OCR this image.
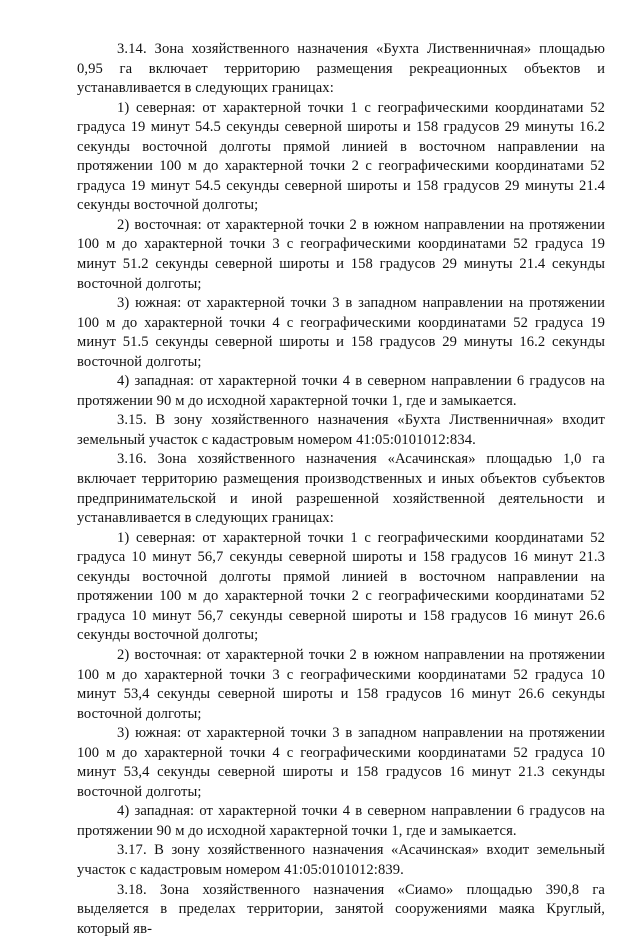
3.14. Зона хозяйственного назначения «Бухта Лиственничная» площадью 0,95 га включает территорию размещения рекреационных объектов и устанавливается в следующих границах:

1) северная: от характерной точки 1 с географическими координатами 52 градуса 19 минут 54.5 секунды северной широты и 158 градусов 29 минуты 16.2 секунды восточной долготы прямой линией в восточном направлении на протяжении 100 м до характерной точки 2 с географическими координатами 52 градуса 19 минут 54.5 секунды северной широты и 158 градусов 29 минуты 21.4 секунды восточной долготы;

2) восточная: от характерной точки 2 в южном направлении на протяжении 100 м до характерной точки 3 с географическими координатами 52 градуса 19 минут 51.2 секунды северной широты и 158 градусов 29 минуты 21.4 секунды восточной долготы;

3) южная: от характерной точки 3 в западном направлении на протяжении 100 м до характерной точки 4 с географическими координатами 52 градуса 19 минут 51.5 секунды северной широты и 158 градусов 29 минуты 16.2 секунды восточной долготы;

4) западная: от характерной точки 4 в северном направлении 6 градусов на протяжении 90 м до исходной характерной точки 1, где и замыкается.

3.15. В зону хозяйственного назначения «Бухта Лиственничная» входит земельный участок с кадастровым номером 41:05:0101012:834.

3.16. Зона хозяйственного назначения «Асачинская» площадью 1,0 га включает территорию размещения производственных и иных объектов субъектов предпринимательской и иной разрешенной хозяйственной деятельности и устанавливается в следующих границах:

1) северная: от характерной точки 1 с географическими координатами 52 градуса 10 минут 56,7 секунды северной широты и 158 градусов 16 минут 21.3 секунды восточной долготы прямой линией в восточном направлении на протяжении 100 м до характерной точки 2 с географическими координатами 52 градуса 10 минут 56,7 секунды северной широты и 158 градусов 16 минут 26.6 секунды восточной долготы;

2) восточная: от характерной точки 2 в южном направлении на протяжении 100 м до характерной точки 3 с географическими координатами 52 градуса 10 минут 53,4 секунды северной широты и 158 градусов 16 минут 26.6 секунды восточной долготы;

3) южная: от характерной точки 3 в западном направлении на протяжении 100 м до характерной точки 4 с географическими координатами 52 градуса 10 минут 53,4 секунды северной широты и 158 градусов 16 минут 21.3 секунды восточной долготы;

4) западная: от характерной точки 4 в северном направлении 6 градусов на протяжении 90 м до исходной характерной точки 1, где и замыкается.

3.17. В зону хозяйственного назначения «Асачинская» входит земельный участок с кадастровым номером 41:05:0101012:839.

3.18. Зона хозяйственного назначения «Сиамо» площадью 390,8 га выделяется в пределах территории, занятой сооружениями маяка Круглый, который яв-
